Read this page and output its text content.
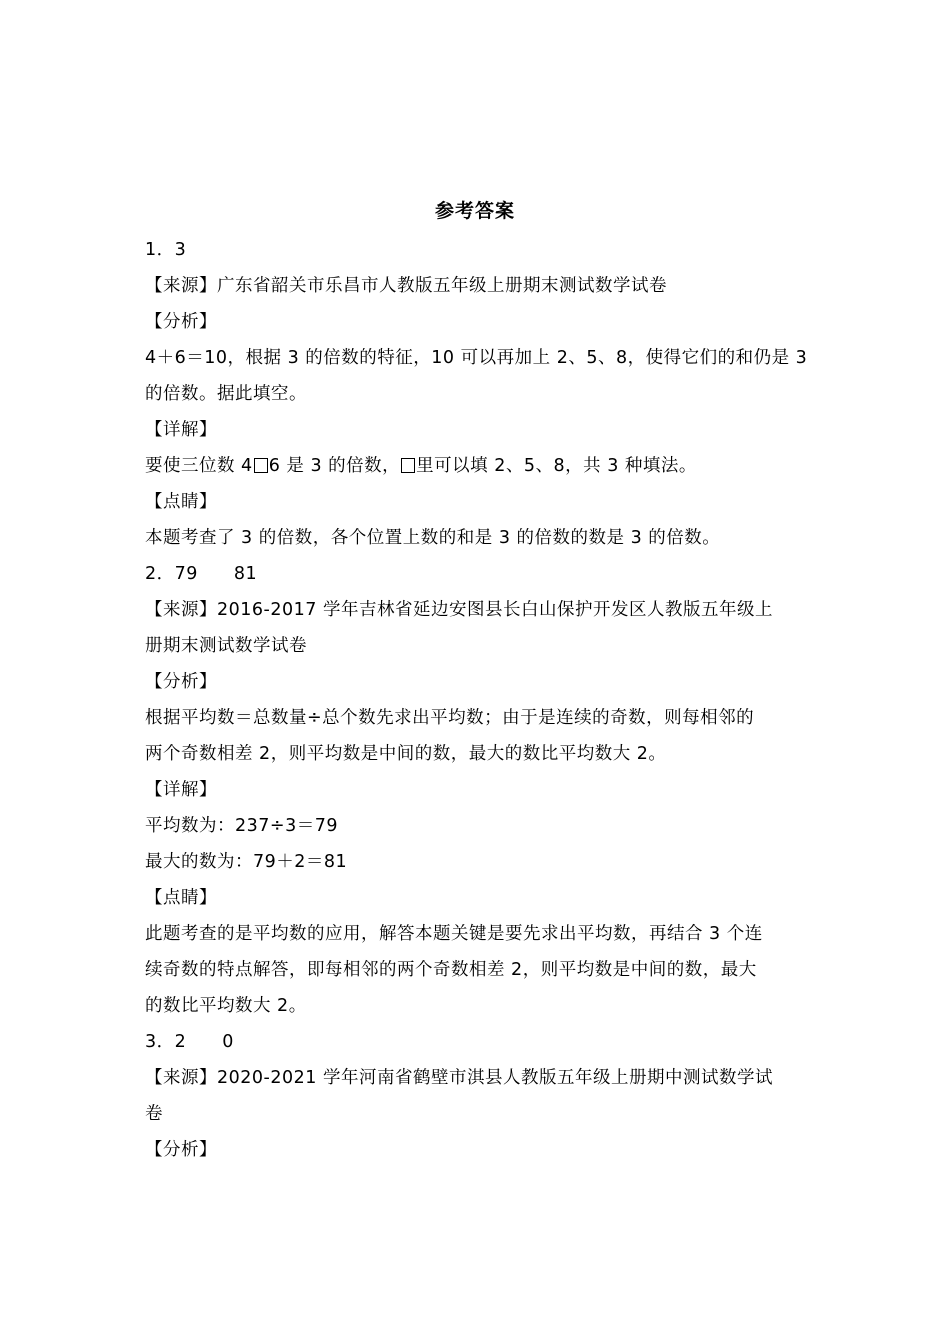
参考答案
1．3
【来源】广东省韶关市乐昌市人教版五年级上册期末测试数学试卷
【分析】
4＋6＝10，根据 3 的倍数的特征，10 可以再加上 2、5、8，使得它们的和仍是 3
的倍数。据此填空。
【详解】
要使三位数 4 6 是 3 的倍数， 里可以填 2、5、8，共 3 种填法。
【点睛】
本题考查了 3 的倍数，各个位置上数的和是 3 的倍数的数是 3 的倍数。
2．79　　81
【来源】2016-2017 学年吉林省延边安图县长白山保护开发区人教版五年级上
册期末测试数学试卷
【分析】
根据平均数＝总数量÷总个数先求出平均数；由于是连续的奇数，则每相邻的
两个奇数相差 2，则平均数是中间的数，最大的数比平均数大 2。
【详解】
平均数为：237÷3＝79
最大的数为：79＋2＝81
【点睛】
此题考查的是平均数的应用，解答本题关键是要先求出平均数，再结合 3 个连
续奇数的特点解答，即每相邻的两个奇数相差 2，则平均数是中间的数，最大
的数比平均数大 2。
3．2　　0
【来源】2020-2021 学年河南省鹤壁市淇县人教版五年级上册期中测试数学试
卷
【分析】
